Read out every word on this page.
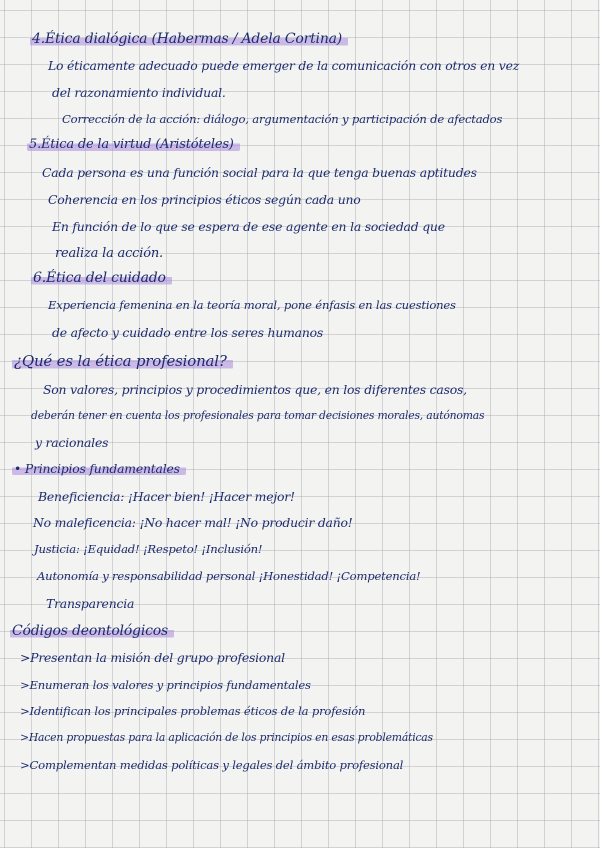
4.Ética dialógica (Habermas / Adela Cortina)
Lo éticamente adecuado puede emerger de la comunicación con otros en vez
del razonamiento individual.
Corrección de la acción: diálogo, argumentación y participación de afectados
5.Ética de la virtud (Aristóteles)
Cada persona es una función social para la que tenga buenas aptitudes
Coherencia en los principios éticos según cada uno
En función de lo que se espera de ese agente en la sociedad que
realiza la acción.
6.Ética del cuidado
Experiencia femenina en la teoría moral, pone énfasis en las cuestiones
de afecto y cuidado entre los seres humanos
¿Qué es la ética profesional?
Son valores, principios y procedimientos que, en los diferentes casos,
deberán tener en cuenta los profesionales para tomar decisiones morales, autónomas
y racionales
• Principios fundamentales
Beneficiencia: ¡Hacer bien! ¡Hacer mejor!
No maleficencia: ¡No hacer mal! ¡No producir daño!
Justicia: ¡Equidad! ¡Respeto! ¡Inclusión!
Autonomía y responsabilidad personal ¡Honestidad! ¡Competencia!
Transparencia
Códigos deontológicos
>Presentan la misión del grupo profesional
>Enumeran los valores y principios fundamentales
>Identifican los principales problemas éticos de la profesión
>Hacen propuestas para la aplicación de los principios en esas problemáticas
>Complementan medidas políticas y legales del ámbito profesional
